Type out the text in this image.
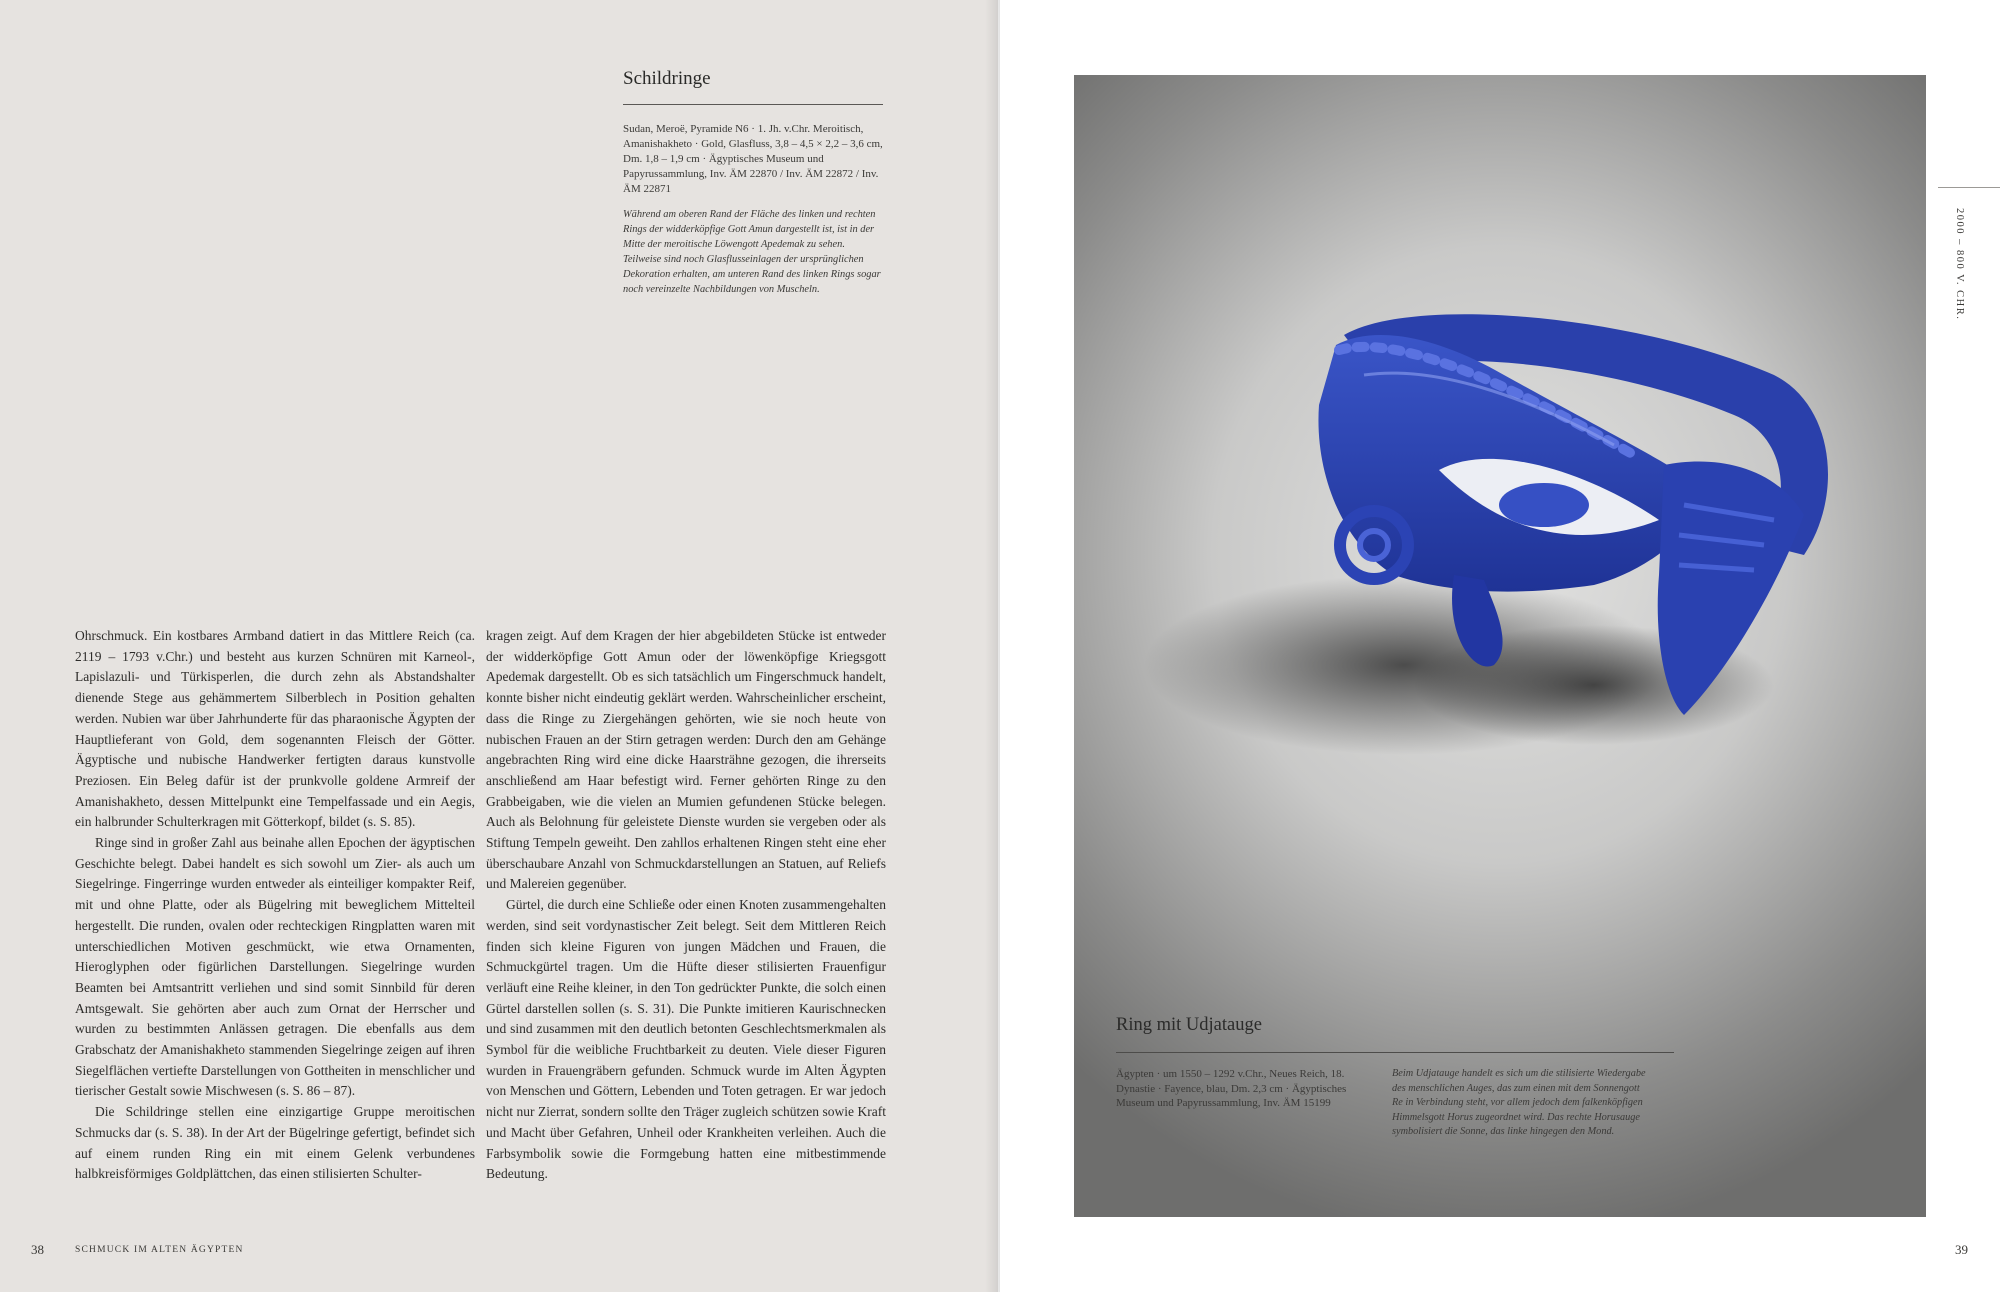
Schildringe
Sudan, Meroë, Pyramide N6 · 1. Jh. v.Chr. Meroitisch, Amanishakheto · Gold, Glasfluss, 3,8 – 4,5 × 2,2 – 3,6 cm, Dm. 1,8 – 1,9 cm · Ägyptisches Museum und Papyrussammlung, Inv. ÄM 22870 / Inv. ÄM 22872 / Inv. ÄM 22871
Während am oberen Rand der Fläche des linken und rechten Rings der widderköpfige Gott Amun dargestellt ist, ist in der Mitte der meroitische Löwengott Apedemak zu sehen. Teilweise sind noch Glasflusseinlagen der ursprünglichen Dekoration erhalten, am unteren Rand des linken Rings sogar noch vereinzelte Nachbildungen von Muscheln.

Ohrschmuck. Ein kostbares Armband datiert in das Mittlere Reich (ca. 2119 – 1793 v.Chr.) und besteht aus kurzen Schnüren mit Karneol-, Lapislazuli- und Türkisperlen, die durch zehn als Abstandshalter dienende Stege aus gehämmertem Silberblech in Position gehalten werden. Nubien war über Jahrhunderte für das pharaonische Ägypten der Hauptlieferant von Gold, dem sogenannten Fleisch der Götter. Ägyptische und nubische Handwerker fertigten daraus kunstvolle Preziosen. Ein Beleg dafür ist der prunkvolle goldene Armreif der Amanishakheto, dessen Mittelpunkt eine Tempelfassade und ein Aegis, ein halbrunder Schulterkragen mit Götterkopf, bildet (s. S. 85).

Ringe sind in großer Zahl aus beinahe allen Epochen der ägyptischen Geschichte belegt. Dabei handelt es sich sowohl um Zier- als auch um Siegelringe. Fingerringe wurden entweder als einteiliger kompakter Reif, mit und ohne Platte, oder als Bügelring mit beweglichem Mittelteil hergestellt. Die runden, ovalen oder rechteckigen Ringplatten waren mit unterschiedlichen Motiven geschmückt, wie etwa Ornamenten, Hieroglyphen oder figürlichen Darstellungen. Siegelringe wurden Beamten bei Amtsantritt verliehen und sind somit Sinnbild für deren Amtsgewalt. Sie gehörten aber auch zum Ornat der Herrscher und wurden zu bestimmten Anlässen getragen. Die ebenfalls aus dem Grabschatz der Amanishakheto stammenden Siegelringe zeigen auf ihren Siegelflächen vertiefte Darstellungen von Gottheiten in menschlicher und tierischer Gestalt sowie Mischwesen (s. S. 86 – 87).

Die Schildringe stellen eine einzigartige Gruppe meroitischen Schmucks dar (s. S. 38). In der Art der Bügelringe gefertigt, befindet sich auf einem runden Ring ein mit einem Gelenk verbundenes halbkreisförmiges Goldplättchen, das einen stilisierten Schulter-

kragen zeigt. Auf dem Kragen der hier abgebildeten Stücke ist entweder der widderköpfige Gott Amun oder der löwenköpfige Kriegsgott Apedemak dargestellt. Ob es sich tatsächlich um Fingerschmuck handelt, konnte bisher nicht eindeutig geklärt werden. Wahrscheinlicher erscheint, dass die Ringe zu Ziergehängen gehörten, wie sie noch heute von nubischen Frauen an der Stirn getragen werden: Durch den am Gehänge angebrachten Ring wird eine dicke Haarsträhne gezogen, die ihrerseits anschließend am Haar befestigt wird. Ferner gehörten Ringe zu den Grabbeigaben, wie die vielen an Mumien gefundenen Stücke belegen. Auch als Belohnung für geleistete Dienste wurden sie vergeben oder als Stiftung Tempeln geweiht. Den zahllos erhaltenen Ringen steht eine eher überschaubare Anzahl von Schmuckdarstellungen an Statuen, auf Reliefs und Malereien gegenüber.

Gürtel, die durch eine Schließe oder einen Knoten zusammengehalten werden, sind seit vordynastischer Zeit belegt. Seit dem Mittleren Reich finden sich kleine Figuren von jungen Mädchen und Frauen, die Schmuckgürtel tragen. Um die Hüfte dieser stilisierten Frauenfigur verläuft eine Reihe kleiner, in den Ton gedrückter Punkte, die solch einen Gürtel darstellen sollen (s. S. 31). Die Punkte imitieren Kaurischnecken und sind zusammen mit den deutlich betonten Geschlechtsmerkmalen als Symbol für die weibliche Fruchtbarkeit zu deuten. Viele dieser Figuren wurden in Frauengräbern gefunden. Schmuck wurde im Alten Ägypten von Menschen und Göttern, Lebenden und Toten getragen. Er war jedoch nicht nur Zierrat, sondern sollte den Träger zugleich schützen sowie Kraft und Macht über Gefahren, Unheil oder Krankheiten verleihen. Auch die Farbsymbolik sowie die Formgebung hatten eine mitbestimmende Bedeutung.

38	SCHMUCK IM ALTEN ÄGYPTEN
2000 – 800 V. CHR.
39
Ring mit Udjatauge
Ägypten · um 1550 – 1292 v.Chr., Neues Reich, 18. Dynastie · Fayence, blau, Dm. 2,3 cm · Ägyptisches Museum und Papyrussammlung, Inv. ÄM 15199
Beim Udjatauge handelt es sich um die stilisierte Wiedergabe des menschlichen Auges, das zum einen mit dem Sonnengott Re in Verbindung steht, vor allem jedoch dem falkenköpfigen Himmelsgott Horus zugeordnet wird. Das rechte Horusauge symbolisiert die Sonne, das linke hingegen den Mond.
